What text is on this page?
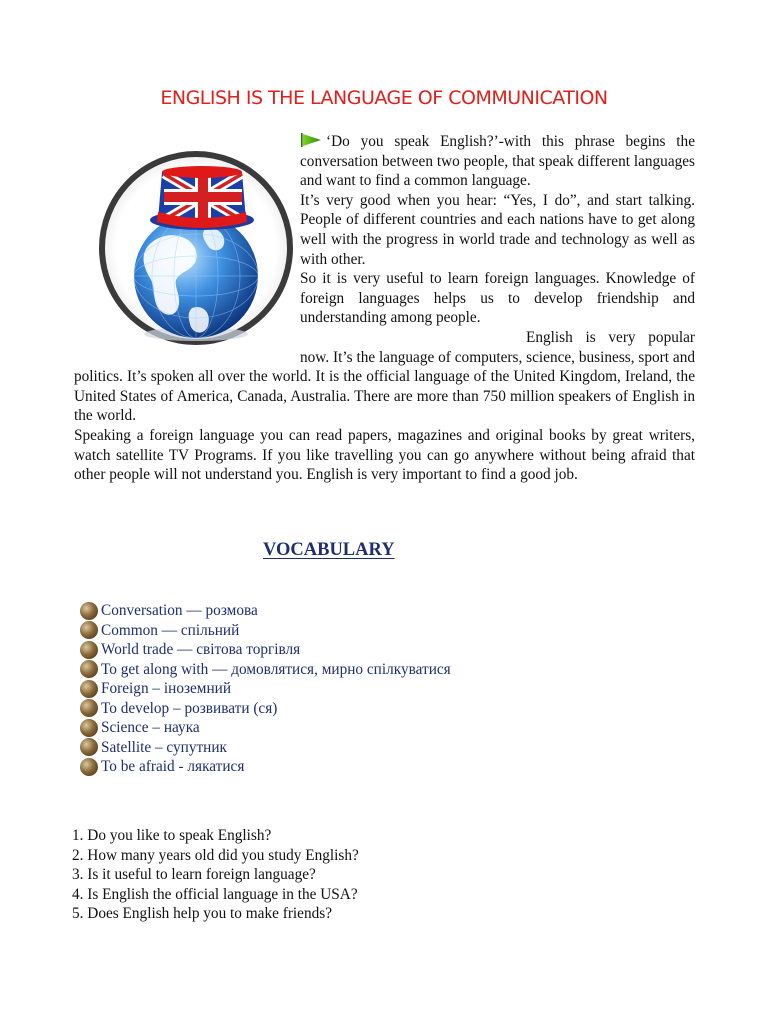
ENGLISH IS THE LANGUAGE OF COMMUNICATION

‘Do you speak English?’-with this phrase begins the conversation between two people, that speak different languages and want to find a common language.

It’s very good when you hear: “Yes, I do”, and start talking. People of different countries and each nations have to get along well with the progress in world trade and technology as well as with other.

So it is very useful to learn foreign languages. Knowledge of foreign languages helps us to develop friendship and understanding among people.

English is very popular now. It’s the language of computers, science, business, sport and politics. It’s spoken all over the world. It is the official language of the United Kingdom, Ireland, the United States of America, Canada, Australia. There are more than 750 million speakers of English in the world.

Speaking a foreign language you can read papers, magazines and original books by great writers, watch satellite TV Programs. If you like travelling you can go anywhere without being afraid that other people will not understand you. English is very important to find a good job.

VOCABULARY
Conversation — розмова
Common — спільний
World trade — світова торгівля
To get along with — домовлятися, мирно спілкуватися
Foreign – іноземний
To develop – розвивати (ся)
Science – наука
Satellite – супутник
To be afraid - лякатися
1. Do you like to speak English?
2. How many years old did you study English?
3. Is it useful to learn foreign language?
4. Is English the official language in the USA?
5. Does English help you to make friends?
